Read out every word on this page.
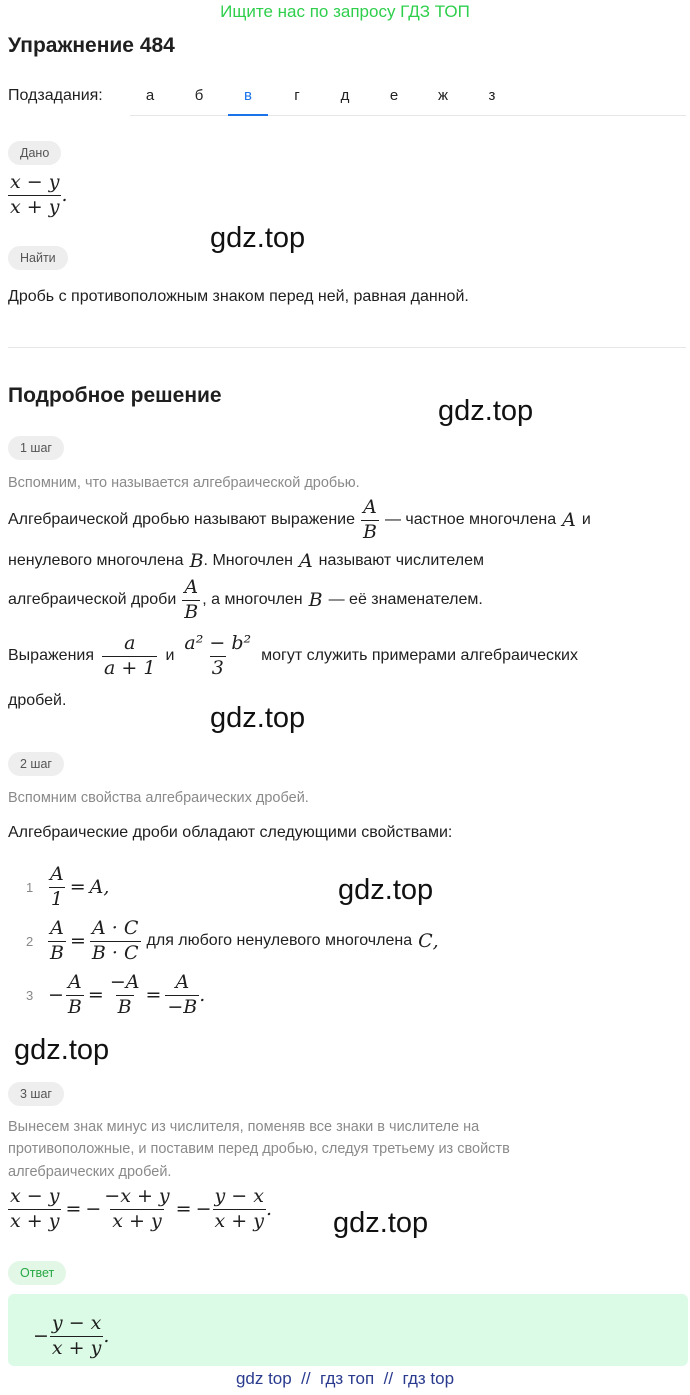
Ищите нас по запросу ГДЗ ТОП
Упражнение 484
Подзадания:	а	б	в	г	д	е	ж	з
Дано
$\frac{x - y}{x + y}$ .
gdz.top
Найти
Дробь с противоположным знаком перед ней, равная данной.
Подробное решение	gdz.top
1 шаг
Вспомним, что называется алгебраической дробью.
Алгебраической дробью называют выражение $\frac{A}{B}$ — частное многочлена A и
ненулевого многочлена B . Многочлен A называют числителем
алгебраической дроби $\frac{A}{B}$ , а многочлен B — её знаменателем.
Выражения $\frac{a}{a + 1}$ и $\frac{\text{a² − b²}}{3}$ могут служить примерами алгебраических
дробей.
gdz.top
2 шаг
Вспомним свойства алгебраических дробей.
Алгебраические дроби обладают следующими свойствами:
$1 \frac{A}{1} = A$ ,	gdz.top
$2 \frac{A}{B} = \frac{A \cdot C}{B \cdot C}$ для любого ненулевого многочлена C ,
$3 - \frac{A}{B} = \frac{-A}{B} = \frac{A}{-B}$ .
gdz.top
3 шаг
Вынесем знак минус из числителя, поменяв все знаки в числителе на противоположные, и поставим перед дробью, следуя третьему из свойств алгебраических дробей.
$\frac{x - y}{x + y}$ = − $\frac{-x + y}{x + y}$ = − $\frac{y - x}{x + y}$ . gdz.top
Ответ
− $\frac{y - x}{x + y}$ .
gdz top  //  гдз топ  //  гдз top
